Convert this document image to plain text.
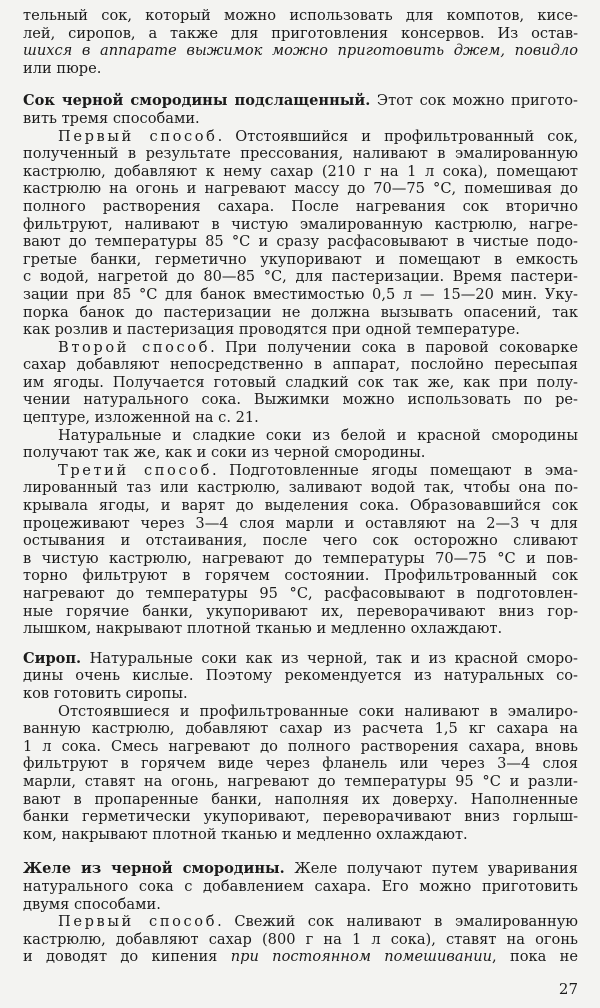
тельный сок, который можно использовать для компотов, кисе-
лей, сиропов, а также для приготовления консервов. Из остав-
шихся в аппарате выжимок можно приготовить джем, повидло
или пюре.
Сок черной смородины подслащенный. Этот сок можно пригото-
вить тремя способами.
Первый способ. Отстоявшийся и профильтрованный сок,
полученный в результате прессования, наливают в эмалированную
кастрюлю, добавляют к нему сахар (210 г на 1 л сока), помещают
кастрюлю на огонь и нагревают массу до 70—75 °С, помешивая до
полного растворения сахара. После нагревания сок вторично
фильтруют, наливают в чистую эмалированную кастрюлю, нагре-
вают до температуры 85 °С и сразу расфасовывают в чистые подо-
гретые банки, герметично укупоривают и помещают в емкость
с водой, нагретой до 80—85 °С, для пастеризации. Время пастери-
зации при 85 °С для банок вместимостью 0,5 л — 15—20 мин. Уку-
порка банок до пастеризации не должна вызывать опасений, так
как розлив и пастеризация проводятся при одной температуре.
Второй способ. При получении сока в паровой соковарке
сахар добавляют непосредственно в аппарат, послойно пересыпая
им ягоды. Получается готовый сладкий сок так же, как при полу-
чении натурального сока. Выжимки можно использовать по ре-
цептуре, изложенной на с. 21.
Натуральные и сладкие соки из белой и красной смородины
получают так же, как и соки из черной смородины.
Третий способ. Подготовленные ягоды помещают в эма-
лированный таз или кастрюлю, заливают водой так, чтобы она по-
крывала ягоды, и варят до выделения сока. Образовавшийся сок
процеживают через 3—4 слоя марли и оставляют на 2—3 ч для
остывания и отстаивания, после чего сок осторожно сливают
в чистую кастрюлю, нагревают до температуры 70—75 °С и пов-
торно фильтруют в горячем состоянии. Профильтрованный сок
нагревают до температуры 95 °С, расфасовывают в подготовлен-
ные горячие банки, укупоривают их, переворачивают вниз гор-
лышком, накрывают плотной тканью и медленно охлаждают.
Сироп. Натуральные соки как из черной, так и из красной сморо-
дины очень кислые. Поэтому рекомендуется из натуральных со-
ков готовить сиропы.
Отстоявшиеся и профильтрованные соки наливают в эмалиро-
ванную кастрюлю, добавляют сахар из расчета 1,5 кг сахара на
1 л сока. Смесь нагревают до полного растворения сахара, вновь
фильтруют в горячем виде через фланель или через 3—4 слоя
марли, ставят на огонь, нагревают до температуры 95 °С и разли-
вают в пропаренные банки, наполняя их доверху. Наполненные
банки герметически укупоривают, переворачивают вниз горлыш-
ком, накрывают плотной тканью и медленно охлаждают.
Желе из черной смородины. Желе получают путем уваривания
натурального сока с добавлением сахара. Его можно приготовить
двумя способами.
Первый способ. Свежий сок наливают в эмалированную
кастрюлю, добавляют сахар (800 г на 1 л сока), ставят на огонь
и доводят до кипения при постоянном помешивании, пока не
27
